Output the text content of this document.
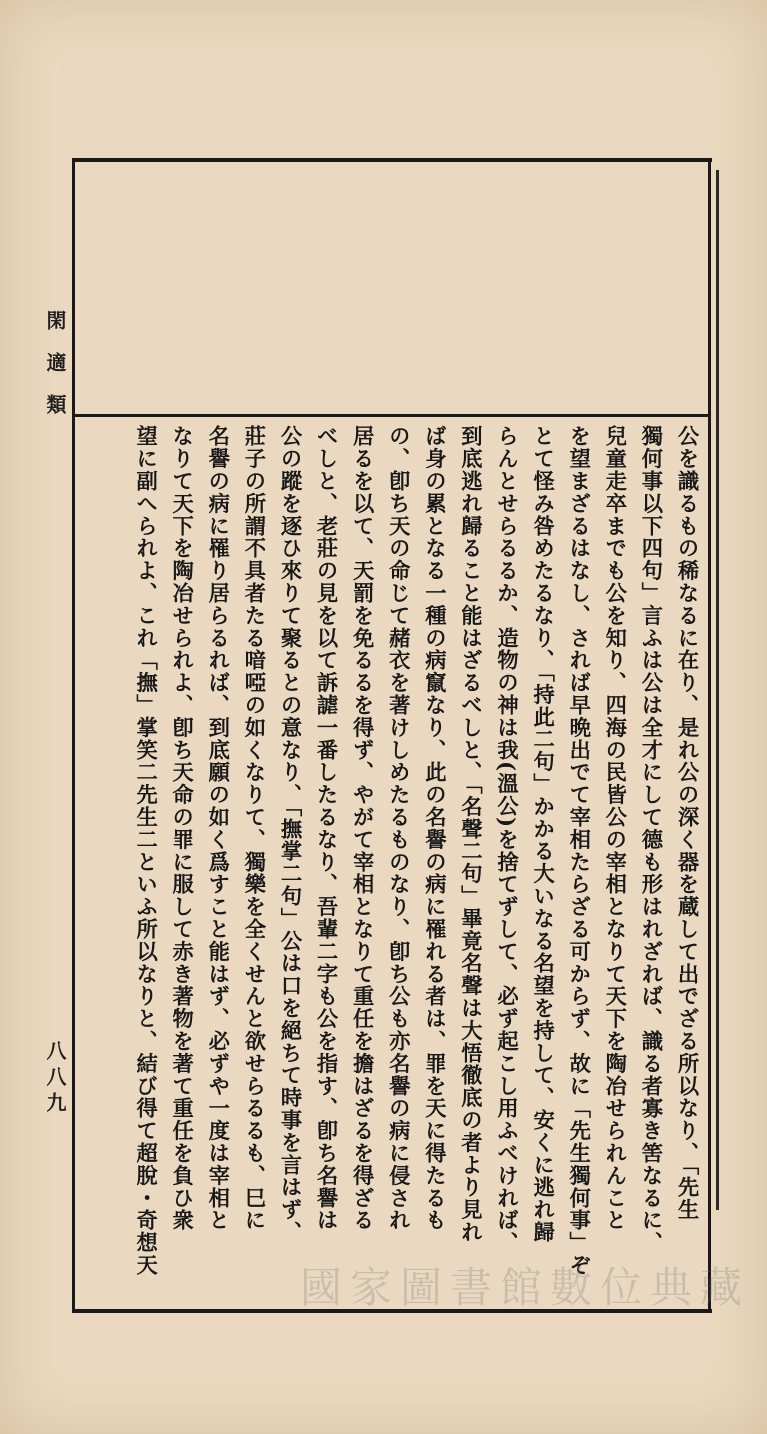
閑適類
八八九	公を識るもの稀なるに在り、是れ公の深く器を蔵して出でざる所以なり、「先生
獨何事以下四句」言ふは公は全才にして德も形はれざれば、識る者寡き筈なるに、
兒童走卒までも公を知り、四海の民皆公の宰相となりて天下を陶冶せられんこと
を望まざるはなし、されば早晩出でて宰相たらざる可からず、故に「先生獨何事」ぞ
とて怪み咎めたるなり、「持此二句」かかる大いなる名望を持して、安くに逃れ歸
らんとせらるるか、造物の神は我(溫公)を捨てずして、必ず起こし用ふべければ、
到底逃れ歸ること能はざるべしと、「名聲二句」畢竟名聲は大悟徹底の者より見れ
ば身の累となる一種の病竄なり、此の名譽の病に罹れる者は、罪を天に得たるも
の、卽ち天の命じて赭衣を著けしめたるものなり、卽ち公も亦名譽の病に侵され
居るを以て、天罰を免るるを得ず、やがて宰相となりて重任を擔はざるを得ざる
べしと、老莊の見を以て訴謔一番したるなり、吾輩二字も公を指す、卽ち名譽は
公の蹤を逐ひ來りて聚るとの意なり、「撫掌二句」公は口を絕ちて時事を言はず、
莊子の所謂不具者たる喑啞の如くなりて、獨樂を全くせんと欲せらるるも、巳に
名譽の病に罹り居らるれば、到底願の如く爲すこと能はず、必ずや一度は宰相と
なりて天下を陶冶せられよ、卽ち天命の罪に服して赤き著物を著て重任を負ひ衆
望に副へられよ、これ「撫」掌笑二先生二といふ所以なりと、結び得て超脫・奇想天
國家圖書館數位典藏
